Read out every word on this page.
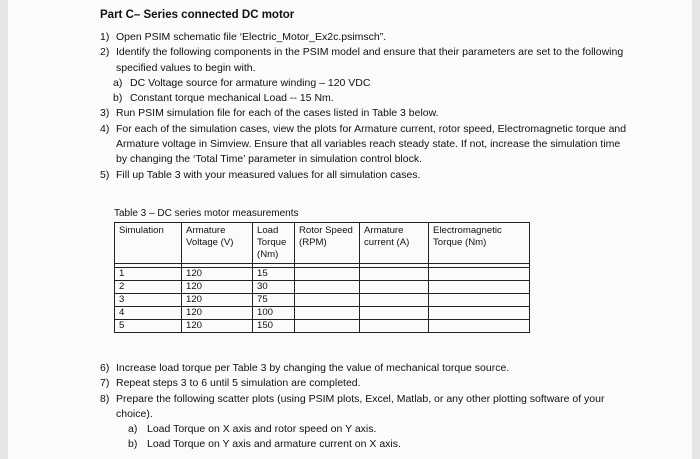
Part C– Series connected DC motor
1) Open PSIM schematic file ‘Electric_Motor_Ex2c.psimsch”.
2) Identify the following components in the PSIM model and ensure that their parameters are set to the following specified values to begin with.
a) DC Voltage source for armature winding – 120 VDC
b) Constant torque mechanical Load -- 15 Nm.
3) Run PSIM simulation file for each of the cases listed in Table 3 below.
4) For each of the simulation cases, view the plots for Armature current, rotor speed, Electromagnetic torque and Armature voltage in Simview. Ensure that all variables reach steady state. If not, increase the simulation time by changing the ‘Total Time’ parameter in simulation control block.
5) Fill up Table 3 with your measured values for all simulation cases.
Table 3 – DC series motor measurements
Simulation	Armature Voltage (V)	Load Torque (Nm)	Rotor Speed (RPM)	Armature current (A)	Electromagnetic Torque (Nm)

1	120	15			
2	120	30			
3	120	75			
4	120	100			
5	120	150			
6) Increase load torque per Table 3 by changing the value of mechanical torque source.
7) Repeat steps 3 to 6 until 5 simulation are completed.
8) Prepare the following scatter plots (using PSIM plots, Excel, Matlab, or any other plotting software of your choice).
a) Load Torque on X axis and rotor speed on Y axis.
b) Load Torque on Y axis and armature current on X axis.
